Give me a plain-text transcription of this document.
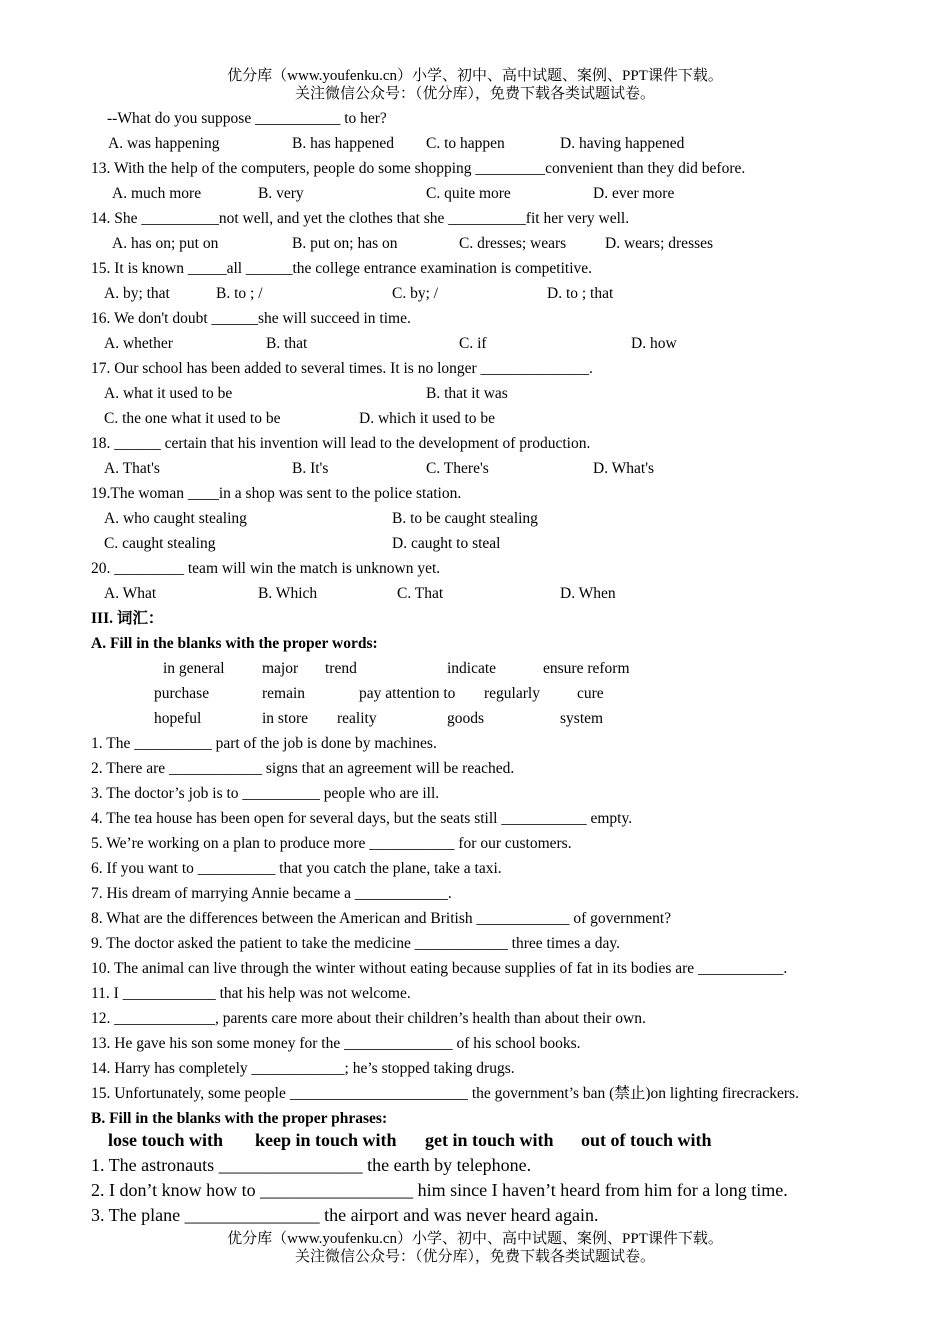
优分库（www.youfenku.cn）小学、初中、高中试题、案例、PPT课件下载。
关注微信公众号：（优分库），免费下载各类试题试卷。
--What do you suppose ___________ to her?
A. was happening	B. has happened C. to happen	D. having happened
13. With the help of the computers, people do some shopping _________convenient than they did before.
A. much more	B. very	C. quite more	D. ever more
14. She __________not well, and yet the clothes that she __________fit her very well.
A. has on; put on	B. put on; has on	C. dresses; wears	D. wears; dresses
15. It is known _____all ______the college entrance examination is competitive.
A. by; that	B. to ; /	C. by; /	D. to ; that
16. We don't doubt ______she will succeed in time.
A. whether	B. that	C. if	D. how
17. Our school has been added to several times. It is no longer ______________.
A. what it used to be	B. that it was
C. the one what it used to be	D. which it used to be
18. ______ certain that his invention will lead to the development of production.
A. That's	B. It's	C. There's	D. What's
19.The woman ____in a shop was sent to the police station.
A. who caught stealing	B. to be caught stealing
C. caught stealing	D. caught to steal
20. _________ team will win the match is unknown yet.
A. What	B. Which	C. That	D. When
III. 词汇：
A. Fill in the blanks with the proper words:
in general major trend	indicate	ensure reform
purchase	remain	pay attention to regularly cure
hopeful	in store reality	goods	system
1. The __________ part of the job is done by machines.
2. There are ____________ signs that an agreement will be reached.
3. The doctor’s job is to __________ people who are ill.
4. The tea house has been open for several days, but the seats still ___________ empty.
5. We’re working on a plan to produce more ___________ for our customers.
6. If you want to __________ that you catch the plane, take a taxi.
7. His dream of marrying Annie became a ____________.
8. What are the differences between the American and British ____________ of government?
9. The doctor asked the patient to take the medicine ____________ three times a day.
10. The animal can live through the winter without eating because supplies of fat in its bodies are ___________.
11. I ____________ that his help was not welcome.
12. _____________, parents care more about their children’s health than about their own.
13. He gave his son some money for the ______________ of his school books.
14. Harry has completely ____________; he’s stopped taking drugs.
15. Unfortunately, some people _______________________ the government’s ban (禁止)on lighting firecrackers.
B. Fill in the blanks with the proper phrases:
lose touch with keep in touch with get in touch with out of touch with
1. The astronauts ________________ the earth by telephone.
2. I don’t know how to _________________ him since I haven’t heard from him for a long time.
3. The plane _______________ the airport and was never heard again.
优分库（www.youfenku.cn）小学、初中、高中试题、案例、PPT课件下载。
关注微信公众号：（优分库），免费下载各类试题试卷。
